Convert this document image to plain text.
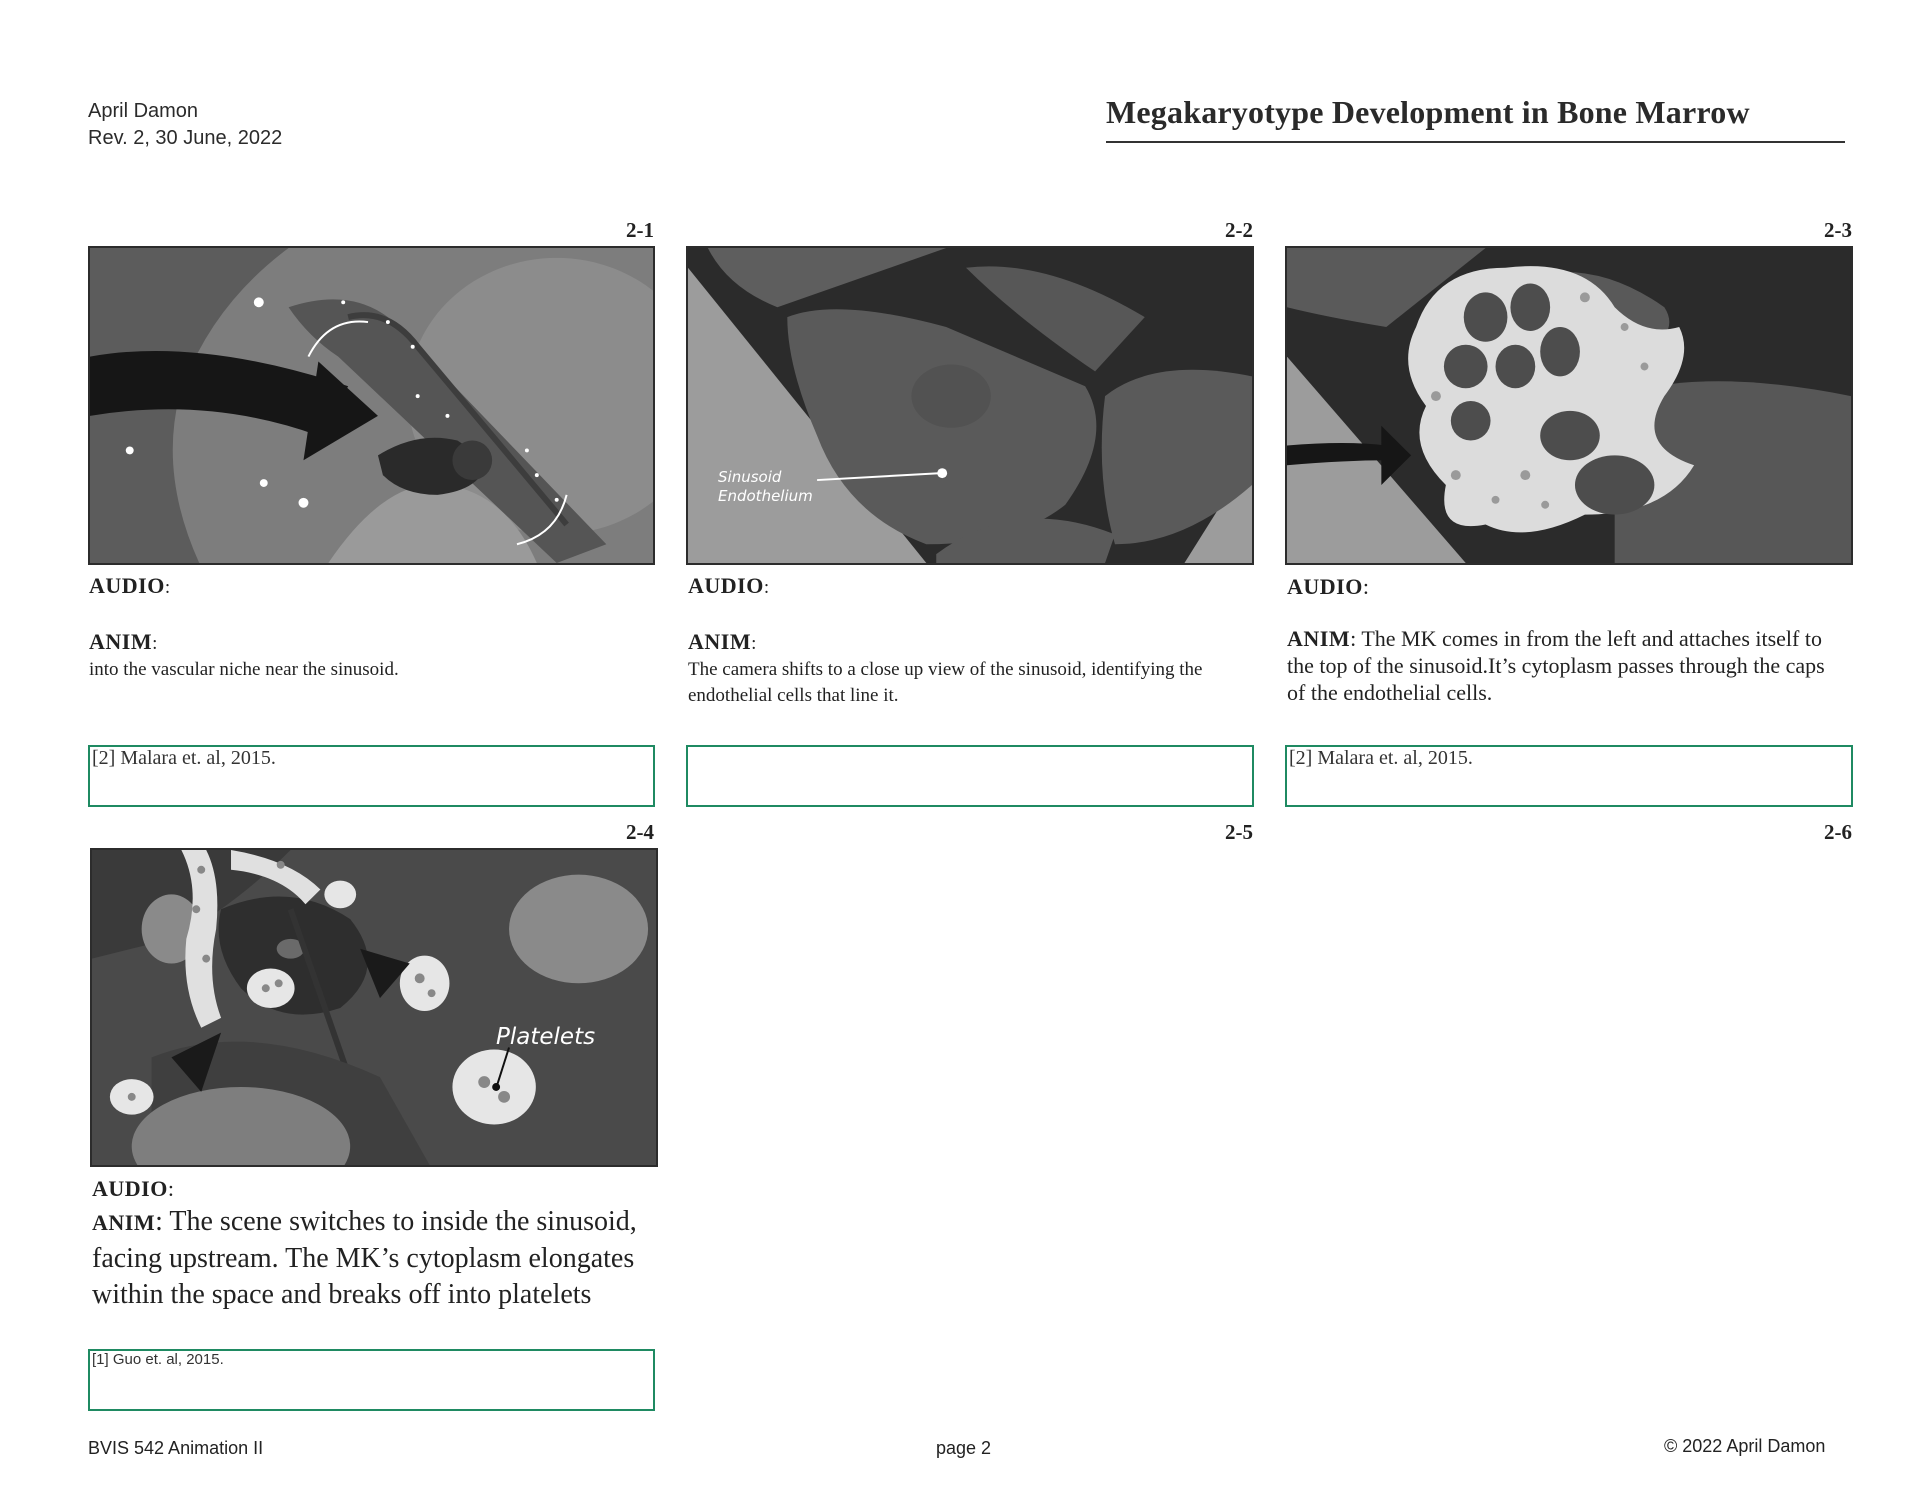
April Damon
Rev. 2, 30 June, 2022
Megakaryotype Development in Bone Marrow
2-1	2-2	2-3
2-4	2-5	2-6
Sinusoid
Endothelium
Platelets
AUDIO:
ANIM:
into the vascular niche near the sinusoid.
AUDIO:
ANIM:
The camera shifts to a close up view of the sinusoid, identifying the endothelial cells that line it.
AUDIO:
ANIM: The MK comes in from the left and attaches itself to the top of the sinusoid.It’s cytoplasm passes through the caps of the endothelial cells.
AUDIO:
ANIM: The scene switches to inside the sinusoid, facing upstream. The MK’s cytoplasm elongates within the space and breaks off into platelets
[2] Malara et. al, 2015.	[2] Malara et. al, 2015.
[1] Guo et. al, 2015.
BVIS 542 Animation II	page 2	© 2022 April Damon
